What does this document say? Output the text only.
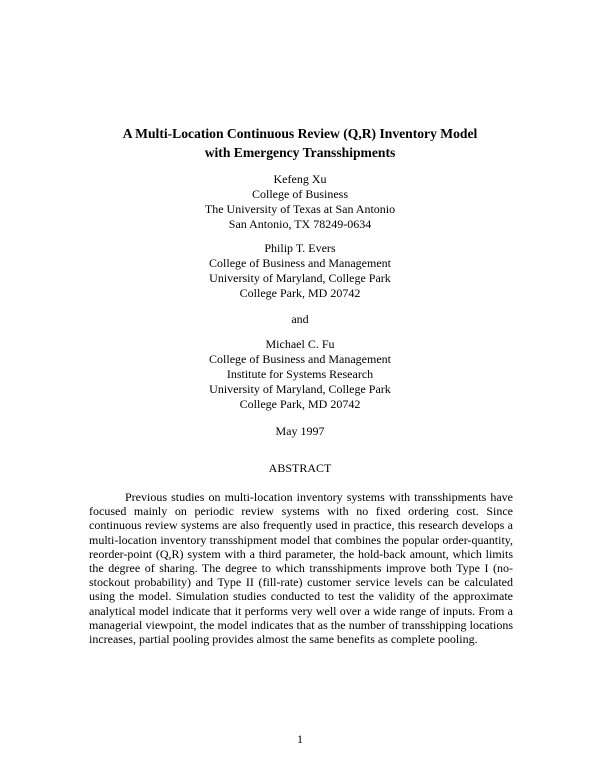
A Multi-Location Continuous Review (Q,R) Inventory Model
with Emergency Transshipments
Kefeng Xu
College of Business
The University of Texas at San Antonio
San Antonio, TX 78249-0634
Philip T. Evers
College of Business and Management
University of Maryland, College Park
College Park, MD 20742
and
Michael C. Fu
College of Business and Management
Institute for Systems Research
University of Maryland, College Park
College Park, MD 20742
May 1997
ABSTRACT

Previous studies on multi-location inventory systems with transshipments have focused mainly on periodic review systems with no fixed ordering cost. Since continuous review systems are also frequently used in practice, this research develops a multi-location inventory transshipment model that combines the popular order-quantity, reorder-point (Q,R) system with a third parameter, the hold-back amount, which limits the degree of sharing. The degree to which transshipments improve both Type I (no-stockout probability) and Type II (fill-rate) customer service levels can be calculated using the model. Simulation studies conducted to test the validity of the approximate analytical model indicate that it performs very well over a wide range of inputs. From a managerial viewpoint, the model indicates that as the number of transshipping locations increases, partial pooling provides almost the same benefits as complete pooling.

1
